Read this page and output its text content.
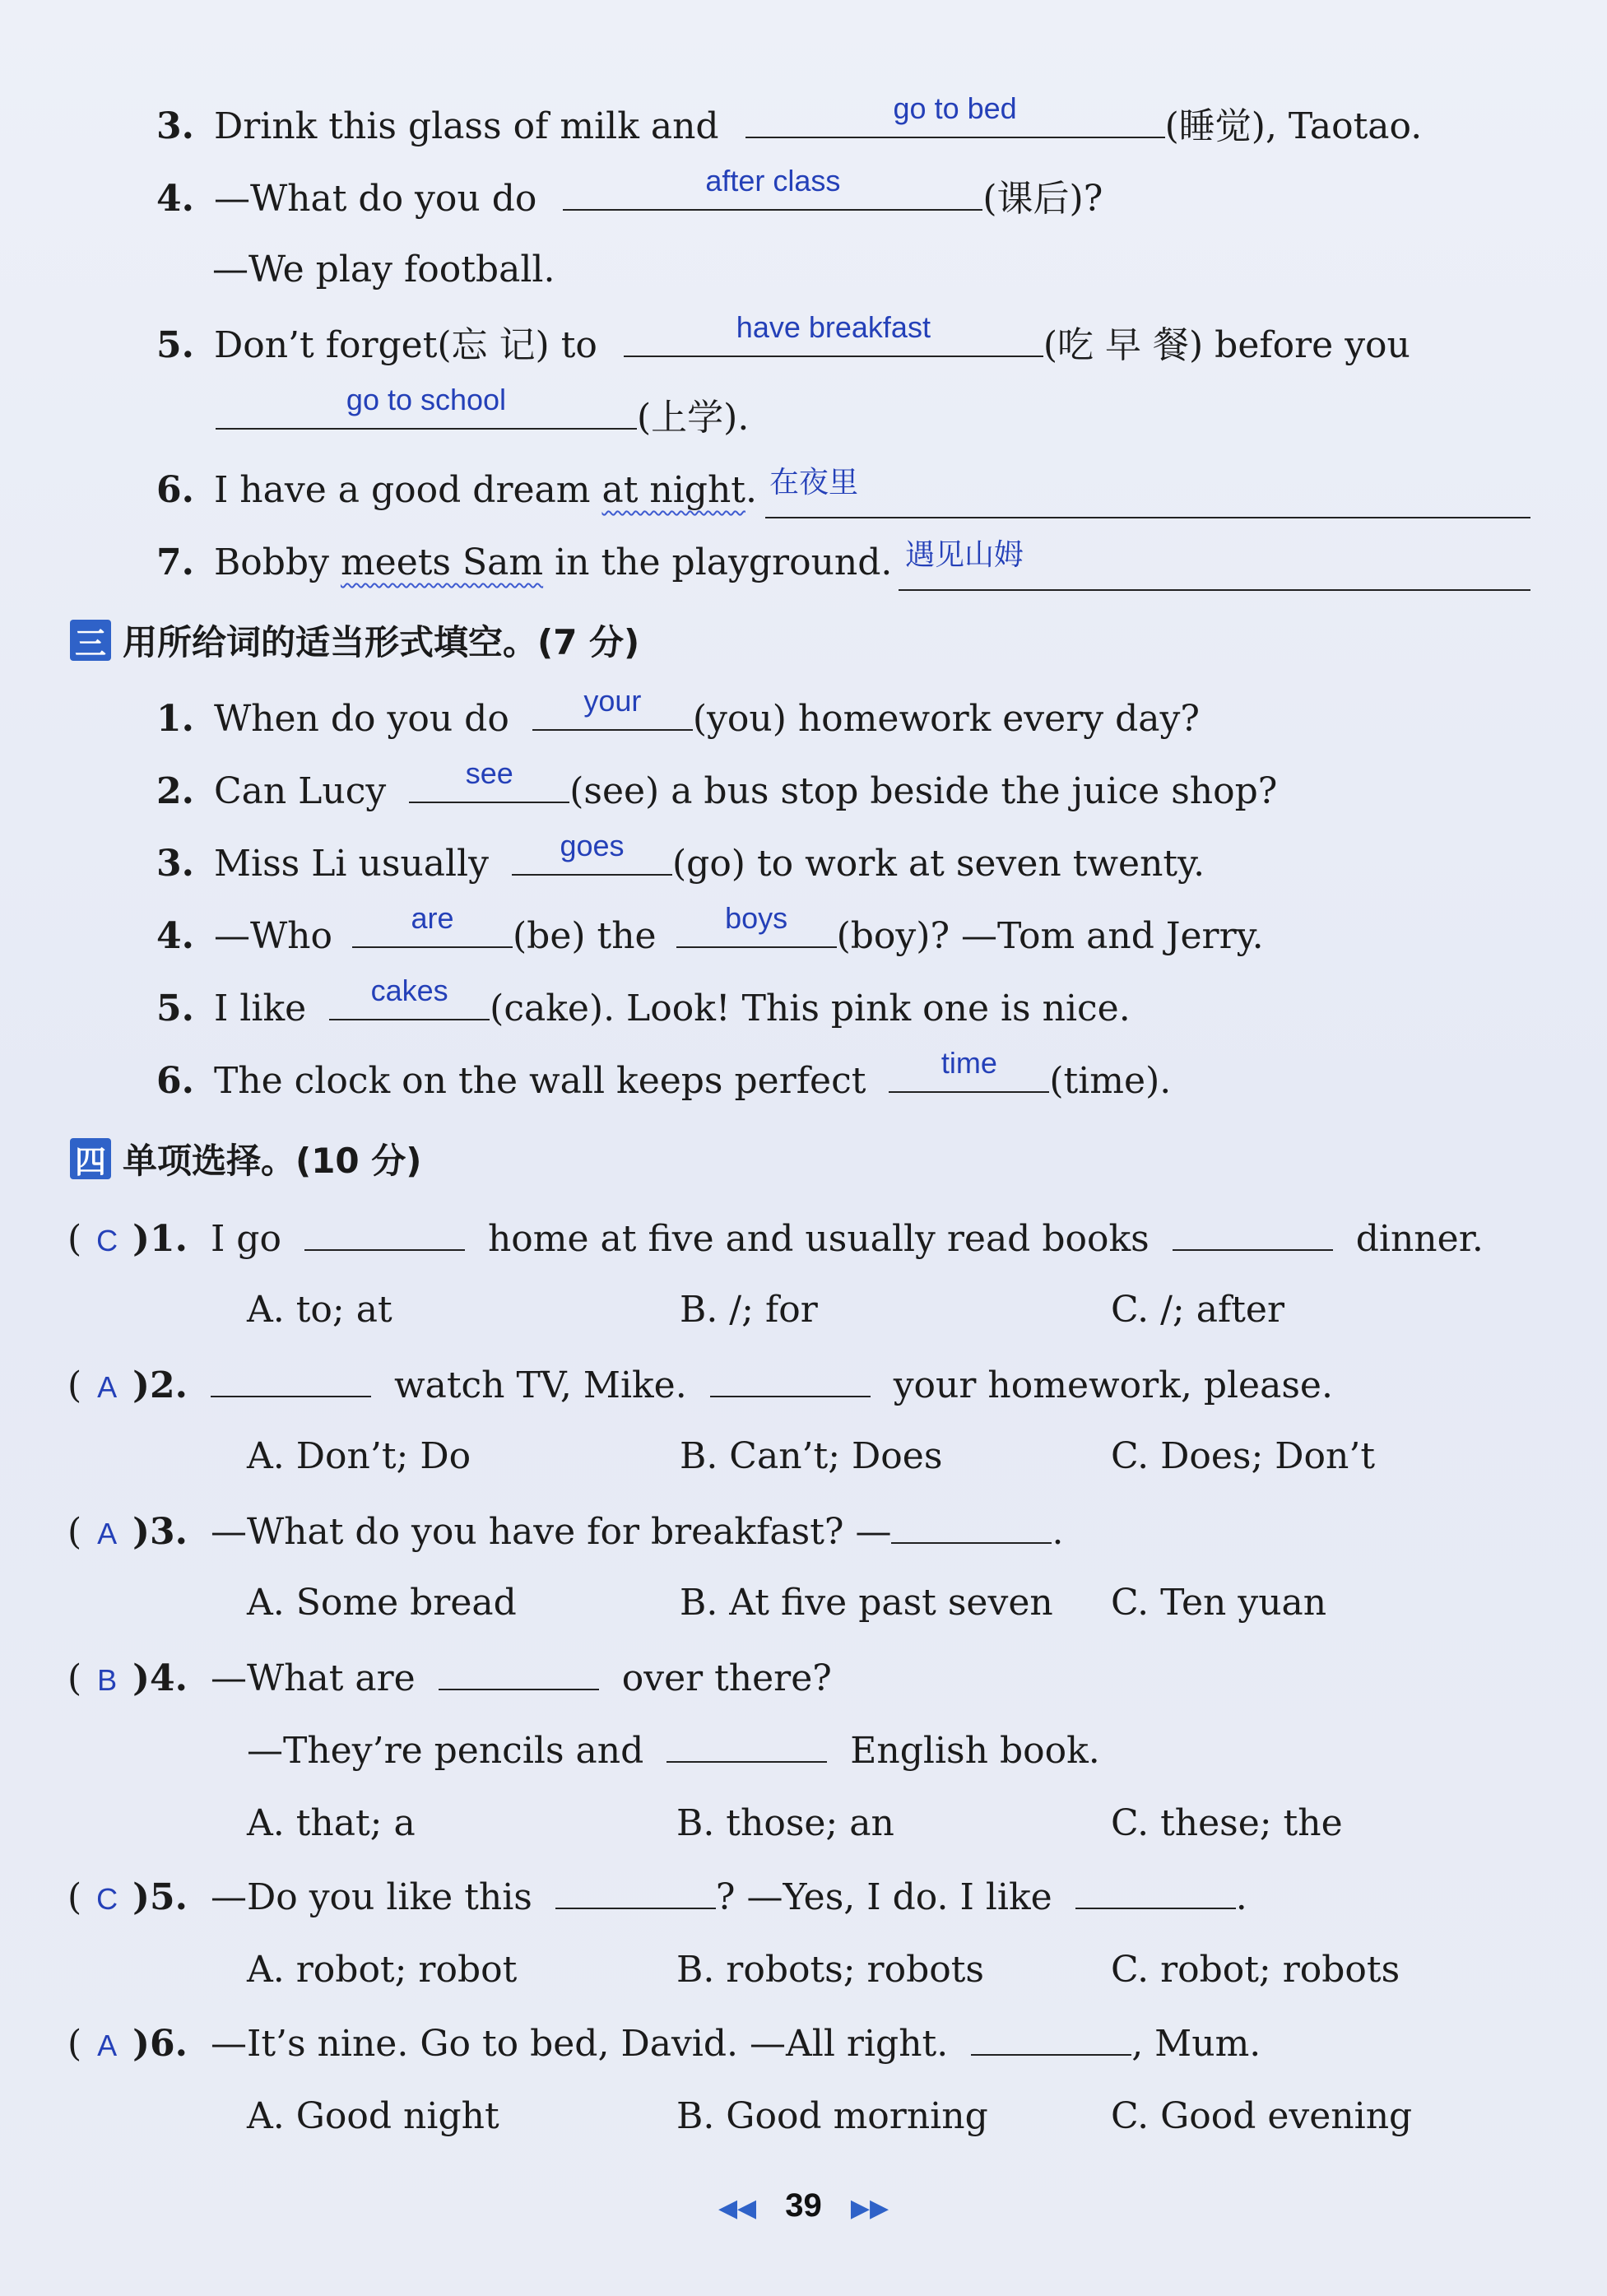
3. Drink this glass of milk and	go to bed	(睡觉), Taotao.
4. —What do you do	after class	(课后)?
—We play football.
5. Don’t forget(忘 记) to	have breakfast	(吃 早 餐) before you
go to school	(上学).
6. I have a good dream at night. 在夜里
7. Bobby meets Sam in the playground. 遇见山姆
三 用所给词的适当形式填空。(7 分)
1. When do you do	your	(you) homework every day?
2. Can Lucy	see	(see) a bus stop beside the juice shop?
3. Miss Li usually	goes	(go) to work at seven twenty.
4. —Who	are	(be) the	boys	(boy)? —Tom and Jerry.
5. I like	cakes	(cake). Look! This pink one is nice.
6. The clock on the wall keeps perfect	time	(time).
四 单项选择。(10 分)
( C )1. I go	home at five and usually read books	dinner.
A. to; at	B. /; for	C. /; after
( A )2.	watch TV, Mike.	your homework, please.
A. Don’t; Do	B. Can’t; Does	C. Does; Don’t
( A )3. —What do you have for breakfast? —	.
A. Some bread	B. At five past seven C. Ten yuan
( B )4. —What are	over there?
—They’re pencils and	English book.
A. that; a	B. those; an	C. these; the
( C )5. —Do you like this	? —Yes, I do. I like	.
A. robot; robot	B. robots; robots	C. robot; robots
( A )6. —It’s nine. Go to bed, David. —All right.	, Mum.
A. Good night	B. Good morning	C. Good evening
◀◀ 39 ▶▶
